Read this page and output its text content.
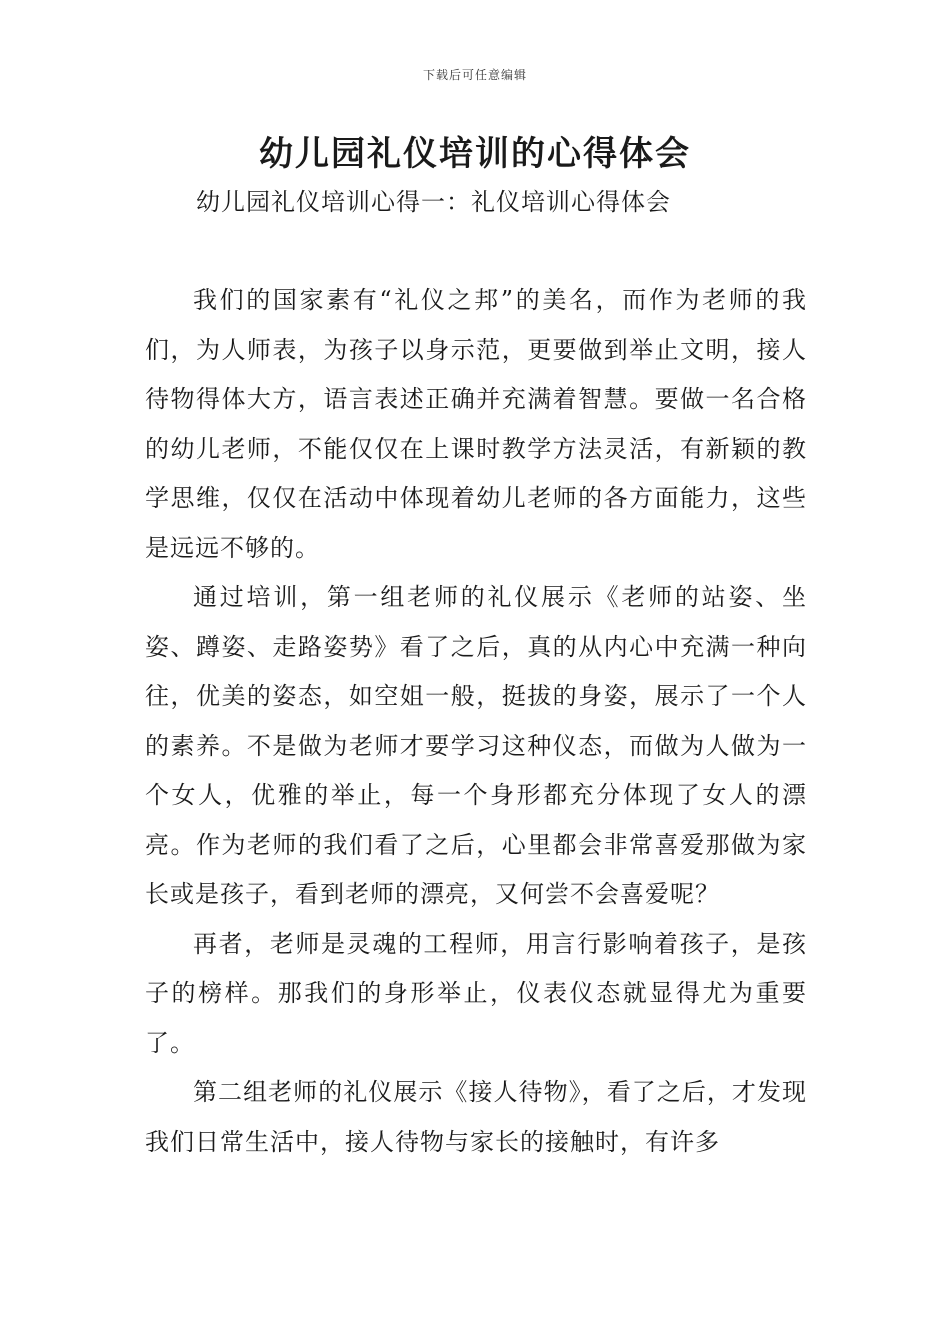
下载后可任意编辑
幼儿园礼仪培训的心得体会
幼儿园礼仪培训心得一：礼仪培训心得体会

我们的国家素有“礼仪之邦”的美名，而作为老师的我们，为人师表，为孩子以身示范，更要做到举止文明，接人待物得体大方，语言表述正确并充满着智慧。要做一名合格的幼儿老师，不能仅仅在上课时教学方法灵活，有新颖的教学思维，仅仅在活动中体现着幼儿老师的各方面能力，这些是远远不够的。

通过培训，第一组老师的礼仪展示《老师的站姿、坐姿、蹲姿、走路姿势》看了之后，真的从内心中充满一种向往，优美的姿态，如空姐一般，挺拔的身姿，展示了一个人的素养。不是做为老师才要学习这种仪态，而做为人做为一个女人，优雅的举止，每一个身形都充分体现了女人的漂亮。作为老师的我们看了之后，心里都会非常喜爱那做为家长或是孩子，看到老师的漂亮，又何尝不会喜爱呢？

再者，老师是灵魂的工程师，用言行影响着孩子，是孩子的榜样。那我们的身形举止，仪表仪态就显得尤为重要了。

第二组老师的礼仪展示《接人待物》，看了之后，才发现我们日常生活中，接人待物与家长的接触时，有许多
